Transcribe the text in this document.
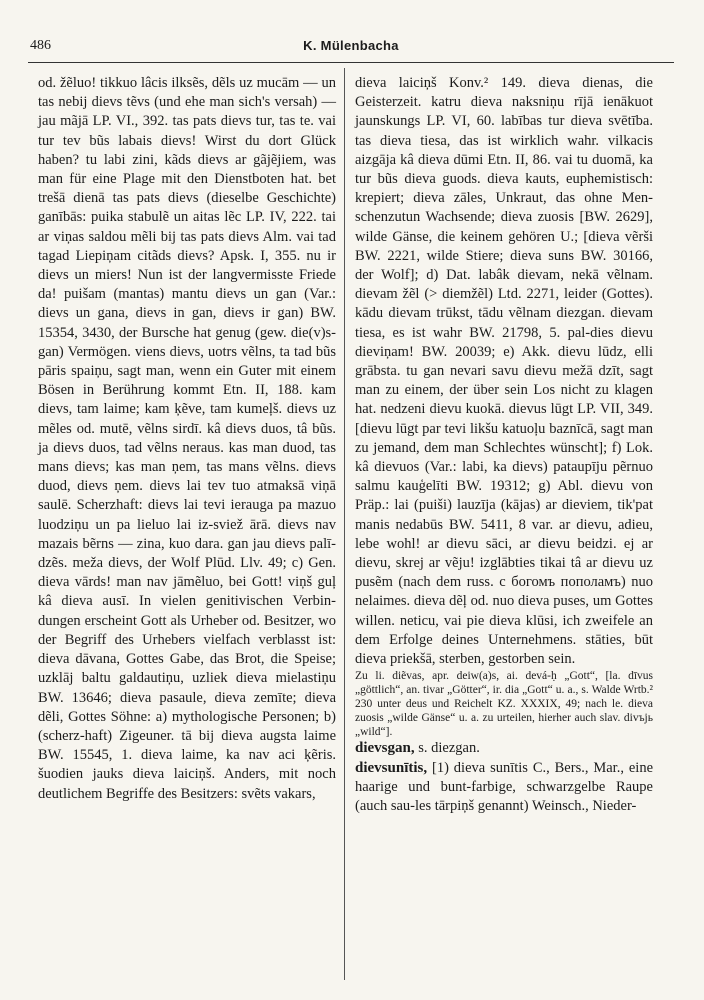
486	K. Mülenbacha

od. žẽluo! tikkuo lâcis ilksẽs, dẽls uz mucām — un tas nebij dievs tẽvs (und ehe man sich's versah) — jau mãjā LP. VI., 392. tas pats dievs tur, tas te. vai tur tev bũs labais dievs! Wirst du dort Glück haben? tu labi zini, kãds dievs ar gãjẽjiem, was man für eine Plage mit den Dienstboten hat. bet trešā dienā tas pats dievs (dieselbe Geschichte) ganībās: puika stabulẽ un aitas lẽc LP. IV, 222. tai ar viņas saldou mẽli bij tas pats dievs Alm. vai tad tagad Liepiņam citãds dievs? Apsk. I, 355. nu ir dievs un miers! Nun ist der langvermisste Friede da! puišam (mantas) mantu dievs un gan (Var.: dievs un gana, dievs in gan, dievs ir gan) BW. 15354, 3430, der Bursche hat genug (gew. die(v)s-gan) Vermögen. viens dievs, uotrs vẽlns, ta tad bũs pāris spaiņu, sagt man, wenn ein Guter mit einem Bösen in Berührung kommt Etn. II, 188. kam dievs, tam laime; kam ķẽve, tam kumeļš. dievs uz mẽles od. mutē, vẽlns sirdī. kâ dievs duos, tâ bũs. ja dievs duos, tad vẽlns neraus. kas man duod, tas mans dievs; kas man ņem, tas mans vẽlns. dievs duod, dievs ņem. dievs lai tev tuo atmaksā viņā saulē. Scherzhaft: dievs lai tevi ierauga pa mazuo luodziņu un pa lieluo lai iz-sviež ārā. dievs nav mazais bẽrns — zina, kuo dara. gan jau dievs palī-dzẽs. meža dievs, der Wolf Plūd. Llv. 49; c) Gen. dieva vārds! man nav jāmẽluo, bei Gott! viņš guļ kâ dieva ausī. In vielen genitivischen Verbin-dungen erscheint Gott als Urheber od. Besitzer, wo der Begriff des Urhebers vielfach verblasst ist: dieva dāvana, Gottes Gabe, das Brot, die Speise; uzklāj baltu galdautiņu, uzliek dieva mielastiņu BW. 13646; dieva pasaule, dieva zemīte; dieva dẽli, Gottes Söhne: a) mythologische Personen; b) (scherz-haft) Zigeuner. tā bij dieva augsta laime BW. 15545, 1. dieva laime, ka nav aci ķẽris. šuodien jauks dieva laiciņš. Anders, mit noch deutlichem Begriffe des Besitzers: svẽts vakars,

dieva laiciņš Konv.² 149. dieva dienas, die Geisterzeit. katru dieva naksniņu rījā ienākuot jaunskungs LP. VI, 60. labības tur dieva svētība. tas dieva tiesa, das ist wirklich wahr. vilkacis aizgāja kâ dieva dūmi Etn. II, 86. vai tu duomā, ka tur bũs dieva guods. dieva kauts, euphemistisch: krepiert; dieva zāles, Unkraut, das ohne Men-schenzutun Wachsende; dieva zuosis [BW. 2629], wilde Gänse, die keinem gehören U.; [dieva vẽrši BW. 2221, wilde Stiere; dieva suns BW. 30166, der Wolf]; d) Dat. labâk dievam, nekā vẽlnam. dievam žẽl (> diemžẽl) Ltd. 2271, leider (Gottes). kādu dievam trūkst, tādu vẽlnam diezgan. dievam tiesa, es ist wahr BW. 21798, 5. pal-dies dievu dieviņam! BW. 20039; e) Akk. dievu lūdz, elli grābsta. tu gan nevari savu dievu mežā dzīt, sagt man zu einem, der über sein Los nicht zu klagen hat. nedzeni dievu kuokā. dievus lūgt LP. VII, 349. [dievu lūgt par tevi likšu katuoļu baznīcā, sagt man zu jemand, dem man Schlechtes wünscht]; f) Lok. kâ dievuos (Var.: labi, ka dievs) pataupīju pẽrnuo salmu kauģelīti BW. 19312; g) Abl. dievu von Präp.: lai (puiši) lauzīja (kājas) ar dieviem, tik'pat manis nedabūs BW. 5411, 8 var. ar dievu, adieu, lebe wohl! ar dievu sāci, ar dievu beidzi. ej ar dievu, skrej ar vẽju! izglābties tikai tâ ar dievu uz pusẽm (nach dem russ. с богомъ пополамъ) nuo nelaimes. dieva dẽļ od. nuo dieva puses, um Gottes willen. neticu, vai pie dieva klūsi, ich zweifele an dem Erfolge deines Unternehmens. stāties, būt dieva priekšā, sterben, gestorben sein.

Zu li. diẽvas, apr. deiw(a)s, ai. devá-ḥ „Gott“, [la. dīvus „göttlich“, an. tivar „Götter“, ir. dia „Gott“ u. a., s. Walde Wrtb.² 230 unter deus und Reichelt KZ. XXXIX, 49; nach le. dieva zuosis „wilde Gänse“ u. a. zu urteilen, hierher auch slav. divъjь „wild“].

dievsgan, s. diezgan.

dievsunītis, [1) dieva sunītis C., Bers., Mar., eine haarige und bunt-farbige, schwarzgelbe Raupe (auch sau-les tārpiņš genannt) Weinsch., Nieder-
